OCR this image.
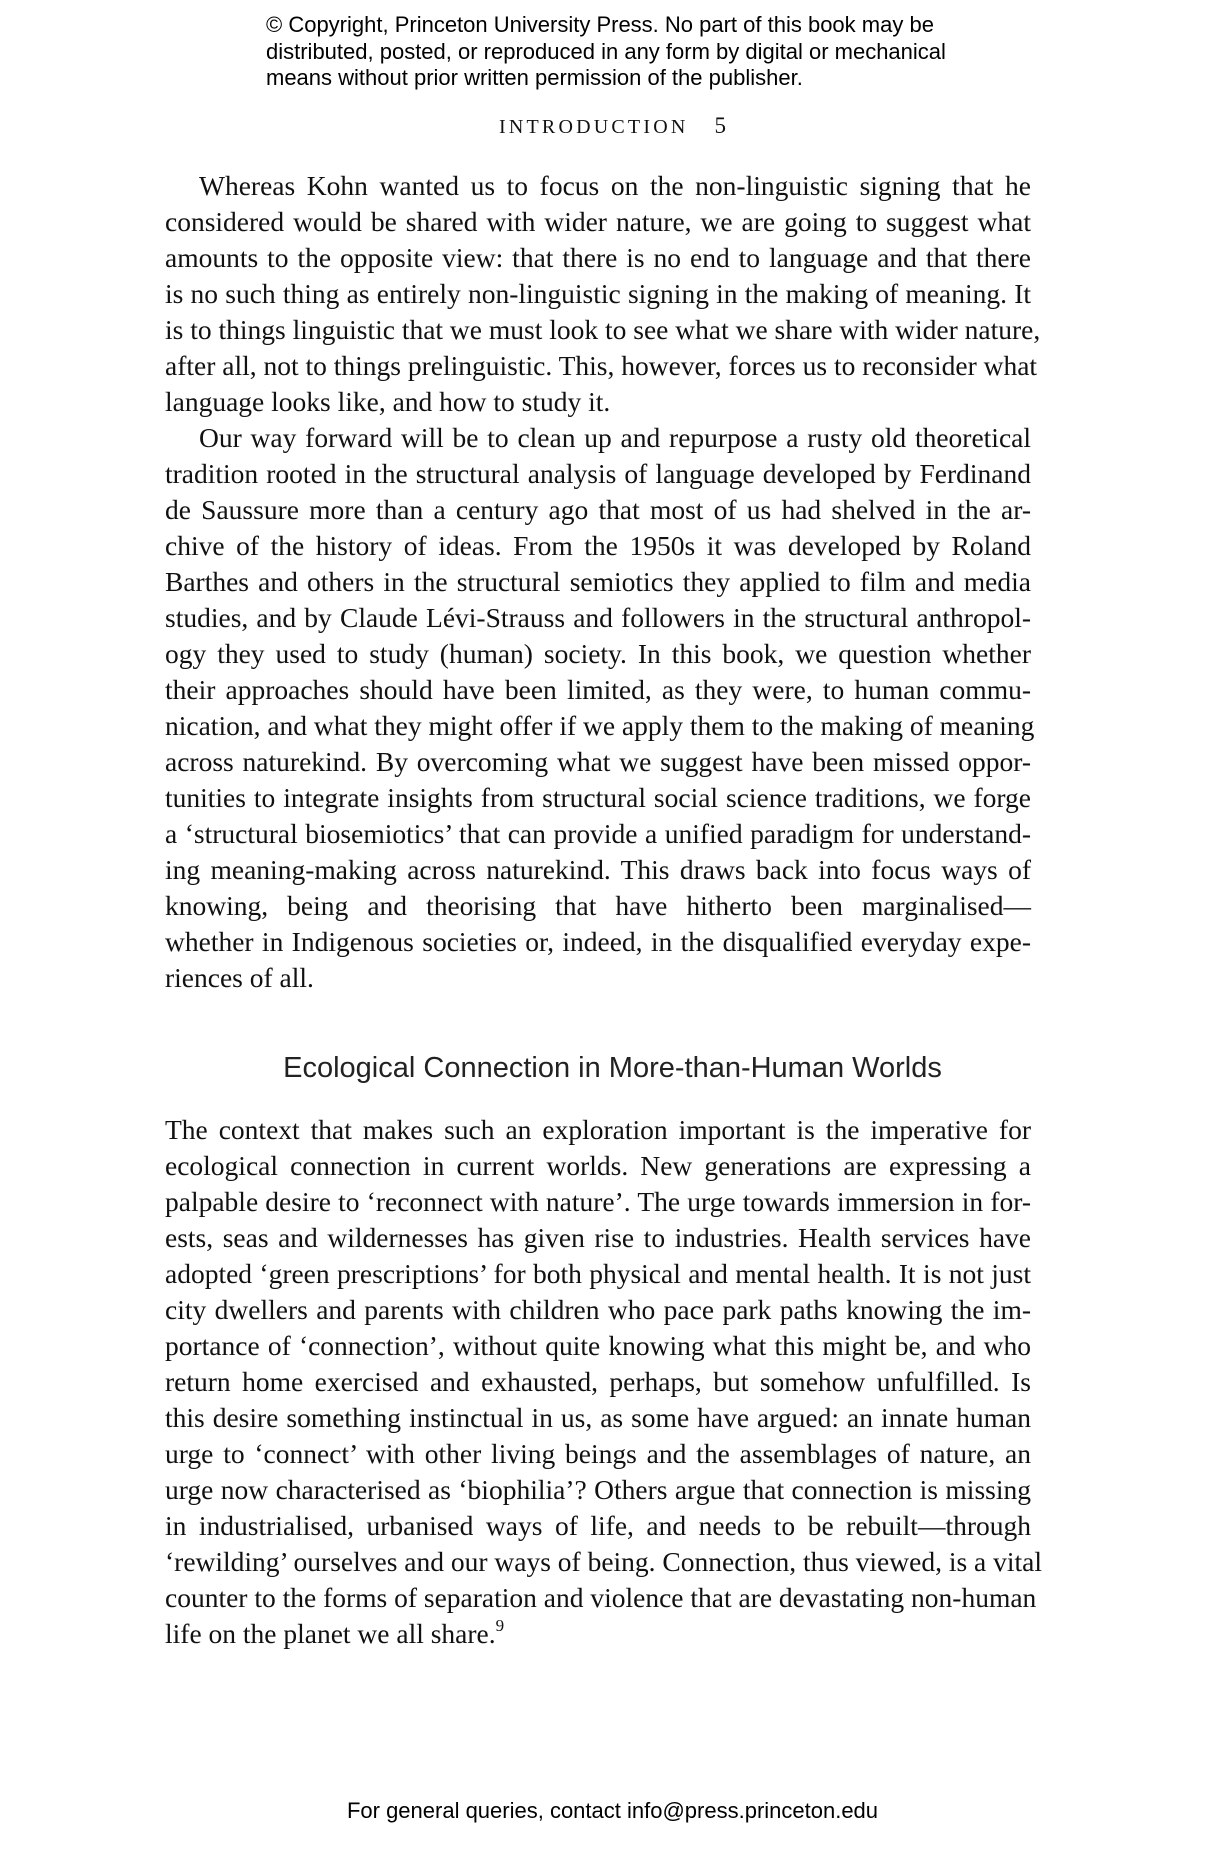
© Copyright, Princeton University Press. No part of this book may be
distributed, posted, or reproduced in any form by digital or mechanical
means without prior written permission of the publisher.
INTRODUCTION 5
Whereas Kohn wanted us to focus on the non-linguistic signing that he
considered would be shared with wider nature, we are going to suggest what
amounts to the opposite view: that there is no end to language and that there
is no such thing as entirely non-linguistic signing in the making of meaning. It
is to things linguistic that we must look to see what we share with wider nature,
after all, not to things prelinguistic. This, however, forces us to reconsider what
language looks like, and how to study it.
Our way forward will be to clean up and repurpose a rusty old theoretical
tradition rooted in the structural analysis of language developed by Ferdinand
de Saussure more than a century ago that most of us had shelved in the ar-
chive of the history of ideas. From the 1950s it was developed by Roland
Barthes and others in the structural semiotics they applied to film and media
studies, and by Claude Lévi-Strauss and followers in the structural anthropol-
ogy they used to study (human) society. In this book, we question whether
their approaches should have been limited, as they were, to human commu-
nication, and what they might offer if we apply them to the making of meaning
across naturekind. By overcoming what we suggest have been missed oppor-
tunities to integrate insights from structural social science traditions, we forge
a ‘structural biosemiotics’ that can provide a unified paradigm for understand-
ing meaning-making across naturekind. This draws back into focus ways of
knowing, being and theorising that have hitherto been marginalised—
whether in Indigenous societies or, indeed, in the disqualified everyday expe-
riences of all.
Ecological Connection in More-than-Human Worlds
The context that makes such an exploration important is the imperative for
ecological connection in current worlds. New generations are expressing a
palpable desire to ‘reconnect with nature’. The urge towards immersion in for-
ests, seas and wildernesses has given rise to industries. Health services have
adopted ‘green prescriptions’ for both physical and mental health. It is not just
city dwellers and parents with children who pace park paths knowing the im-
portance of ‘connection’, without quite knowing what this might be, and who
return home exercised and exhausted, perhaps, but somehow unfulfilled. Is
this desire something instinctual in us, as some have argued: an innate human
urge to ‘connect’ with other living beings and the assemblages of nature, an
urge now characterised as ‘biophilia’? Others argue that connection is missing
in industrialised, urbanised ways of life, and needs to be rebuilt—through
‘rewilding’ ourselves and our ways of being. Connection, thus viewed, is a vital
counter to the forms of separation and violence that are devastating non-human
life on the planet we all share.$^9$
For general queries, contact info@press.princeton.edu
